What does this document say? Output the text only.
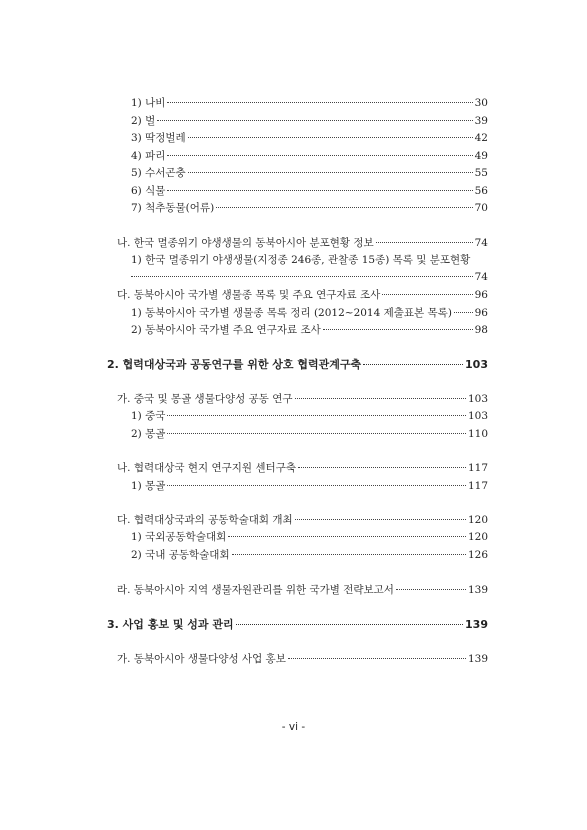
1) 나비	30
2) 벌	39
3) 딱정벌레	42
4) 파리	49
5) 수서곤충	55
6) 식물	56
7) 척추동물(어류)	70
나. 한국 멸종위기 야생생물의 동북아시아 분포현황 정보	74
1) 한국 멸종위기 야생생물(지정종 246종, 관찰종 15종) 목록 및 분포현황
74
다. 동북아시아 국가별 생물종 목록 및 주요 연구자료 조사	96
1) 동북아시아 국가별 생물종 목록 정리 (2012~2014 제출표본 목록) 96
2) 동북아시아 국가별 주요 연구자료 조사	98
2. 협력대상국과 공동연구를 위한 상호 협력관계구축	103
가. 중국 및 몽골 생물다양성 공동 연구	103
1) 중국	103
2) 몽골	110
나. 협력대상국 현지 연구지원 센터구축	117
1) 몽골	117
다. 협력대상국과의 공동학술대회 개최	120
1) 국외공동학술대회	120
2) 국내 공동학술대회	126
라. 동북아시아 지역 생물자원관리를 위한 국가별 전략보고서	139
3. 사업 홍보 및 성과 관리	139
가. 동북아시아 생물다양성 사업 홍보	139
- vi -
